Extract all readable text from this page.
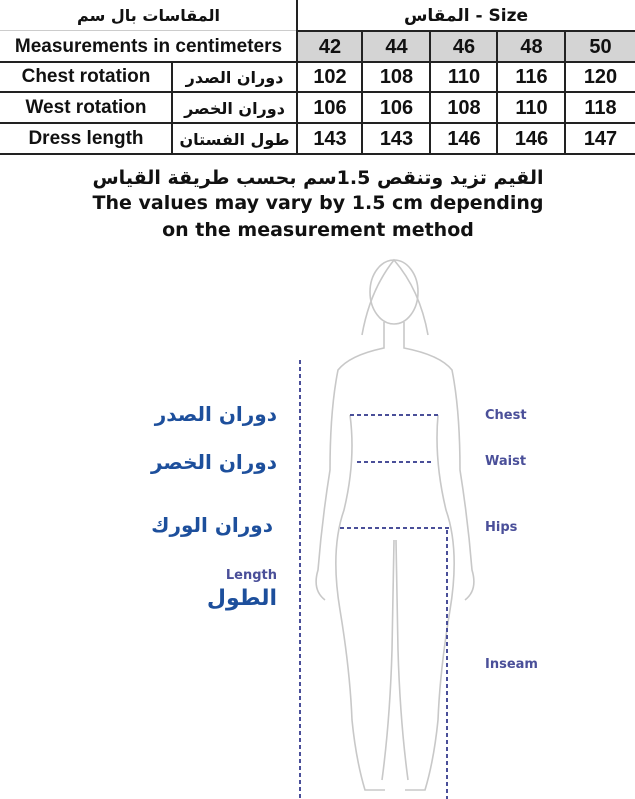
المقاسات بال سم	المقاس - Size
Measurements in centimeters	42	44	46	48	50
Chest rotation	دوران الصدر	102	108	110	116	120
West rotation	دوران الخصر	106	106	108	110	118
Dress length	طول الفستان	143	143	146	146	147
القيم تزيد وتنقص 1.5سم بحسب طريقة القياس
The values may vary by 1.5 cm depending
on the measurement method
دوران الصدر
دوران الخصر
دوران الورك
Length
الطول
Chest
Waist
Hips
Inseam
